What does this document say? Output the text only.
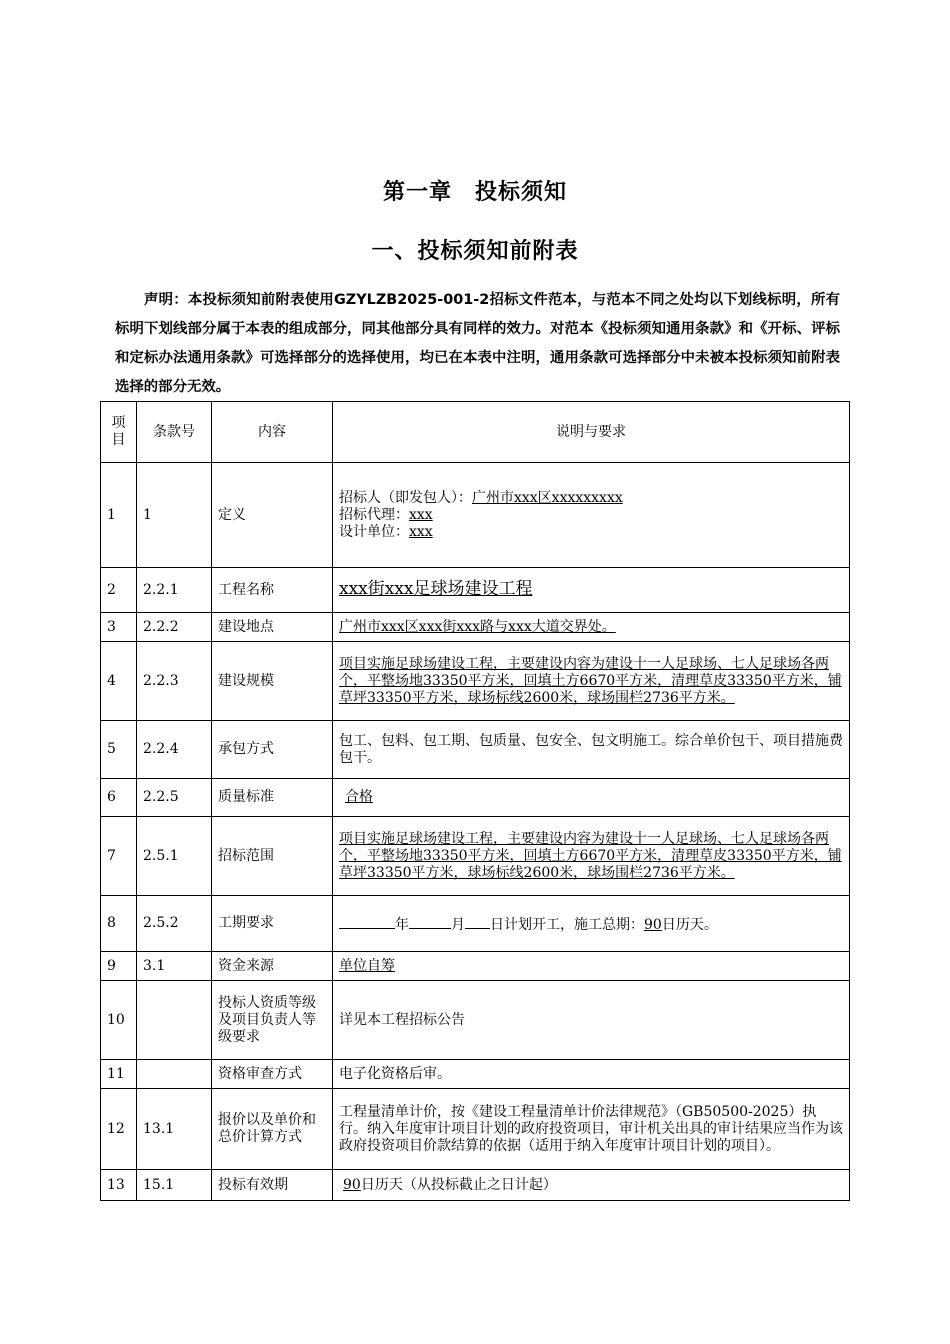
第一章　投标须知
一、投标须知前附表
声明：本投标须知前附表使用GZYLZB2025-001-2招标文件范本，与范本不同之处均以下划线标明，所有标明下划线部分属于本表的组成部分，同其他部分具有同样的效力。对范本《投标须知通用条款》和《开标、评标和定标办法通用条款》可选择部分的选择使用，均已在本表中注明，通用条款可选择部分中未被本投标须知前附表选择的部分无效。
项目	条款号	内容	说明与要求
1	1	定义	招标人（即发包人）：广州市xxx区xxxxxxxxx
招标代理：xxx
设计单位：xxx

2	2.2.1	工程名称	xxx街xxx足球场建设工程
3	2.2.2	建设地点	广州市xxx区xxx街xxx路与xxx大道交界处。
4	2.2.3	建设规模	项目实施足球场建设工程，主要建设内容为建设十一人足球场、七人足球场各两个，平整场地33350平方米，回填土方6670平方米，清理草皮33350平方米，铺草坪33350平方米，球场标线2600米，球场围栏2736平方米。
5	2.2.4	承包方式	包工、包料、包工期、包质量、包安全、包文明施工。综合单价包干、项目措施费包干。
6	2.2.5	质量标准	合格
7	2.5.1	招标范围	项目实施足球场建设工程，主要建设内容为建设十一人足球场、七人足球场各两个，平整场地33350平方米，回填土方6670平方米，清理草皮33350平方米，铺草坪33350平方米，球场标线2600米，球场围栏2736平方米。
8	2.5.2	工期要求	年 月 日计划开工，施工总期：90日历天。
9	3.1	资金来源	单位自筹
10		投标人资质等级及项目负责人等级要求	详见本工程招标公告
11		资格审查方式	电子化资格后审。
12	13.1	报价以及单价和总价计算方式	工程量清单计价，按《建设工程量清单计价法律规范》（GB50500-2025）执行。纳入年度审计项目计划的政府投资项目，审计机关出具的审计结果应当作为该政府投资项目价款结算的依据（适用于纳入年度审计项目计划的项目）。
13	15.1	投标有效期	90日历天（从投标截止之日计起）
